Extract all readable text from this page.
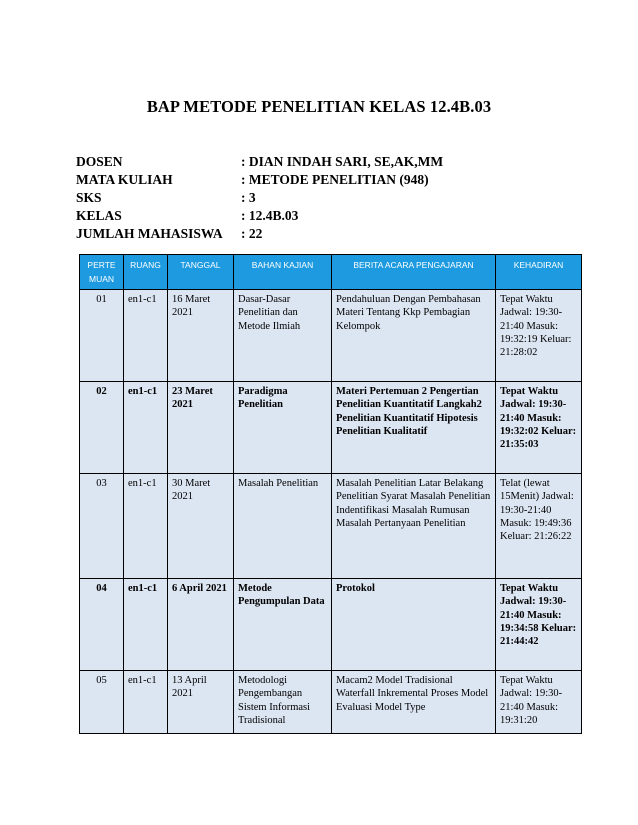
BAP METODE PENELITIAN KELAS 12.4B.03
DOSEN	: DIAN INDAH SARI, SE,AK,MM
MATA KULIAH	: METODE PENELITIAN (948)
SKS	: 3
KELAS	: 12.4B.03
JUMLAH MAHASISWA	: 22
PERTE MUAN	RUANG	TANGGAL	BAHAN KAJIAN	BERITA ACARA PENGAJARAN	KEHADIRAN
01	en1-c1	16 Maret 2021	Dasar-Dasar Penelitian dan Metode Ilmiah	Pendahuluan Dengan Pembahasan Materi Tentang Kkp Pembagian Kelompok	Tepat Waktu Jadwal: 19:30-21:40 Masuk: 19:32:19 Keluar: 21:28:02
02	en1-c1	23 Maret 2021	Paradigma Penelitian	Materi Pertemuan 2 Pengertian Penelitian Kuantitatif Langkah2 Penelitian Kuantitatif Hipotesis Penelitian Kualitatif	Tepat Waktu Jadwal: 19:30-21:40 Masuk: 19:32:02 Keluar: 21:35:03
03	en1-c1	30 Maret 2021	Masalah Penelitian	Masalah Penelitian Latar Belakang Penelitian Syarat Masalah Penelitian Indentifikasi Masalah Rumusan Masalah Pertanyaan Penelitian	Telat (lewat 15Menit) Jadwal: 19:30-21:40 Masuk: 19:49:36 Keluar: 21:26:22
04	en1-c1	6 April 2021	Metode Pengumpulan Data	Protokol	Tepat Waktu Jadwal: 19:30-21:40 Masuk: 19:34:58 Keluar: 21:44:42
05	en1-c1	13 April 2021	Metodologi Pengembangan Sistem Informasi Tradisional	Macam2 Model Tradisional Waterfall Inkremental Proses Model Evaluasi Model Type	Tepat Waktu Jadwal: 19:30-21:40 Masuk: 19:31:20
